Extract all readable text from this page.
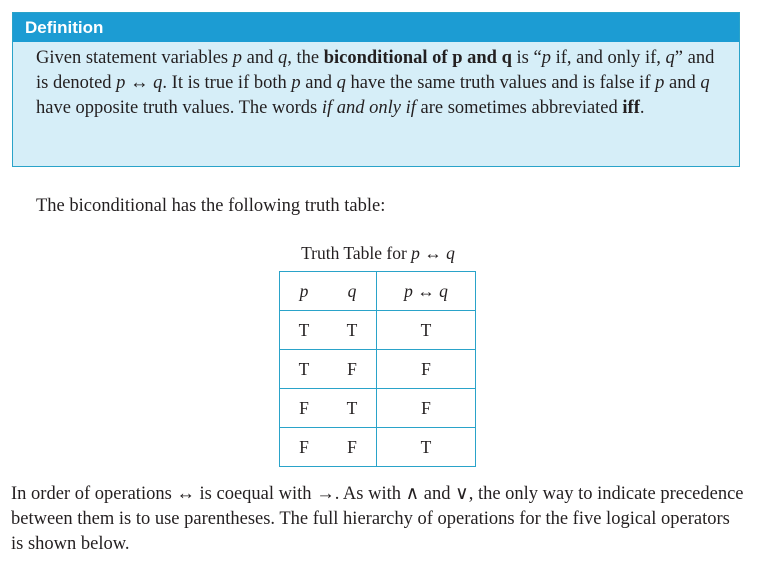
Definition

Given statement variables p and q, the biconditional of p and q is “p if, and only if, q” and is denoted p ↔ q. It is true if both p and q have the same truth values and is false if p and q have opposite truth values. The words if and only if are sometimes abbreviated iff.

The biconditional has the following truth table:

Truth Table for p ↔ q
p	q	p ↔ q
T	T	T
T	F	F
F	T	F
F	F	T

In order of operations ↔ is coequal with →. As with ∧ and ∨, the only way to indicate precedence between them is to use parentheses. The full hierarchy of operations for the five logical operators is shown below.
